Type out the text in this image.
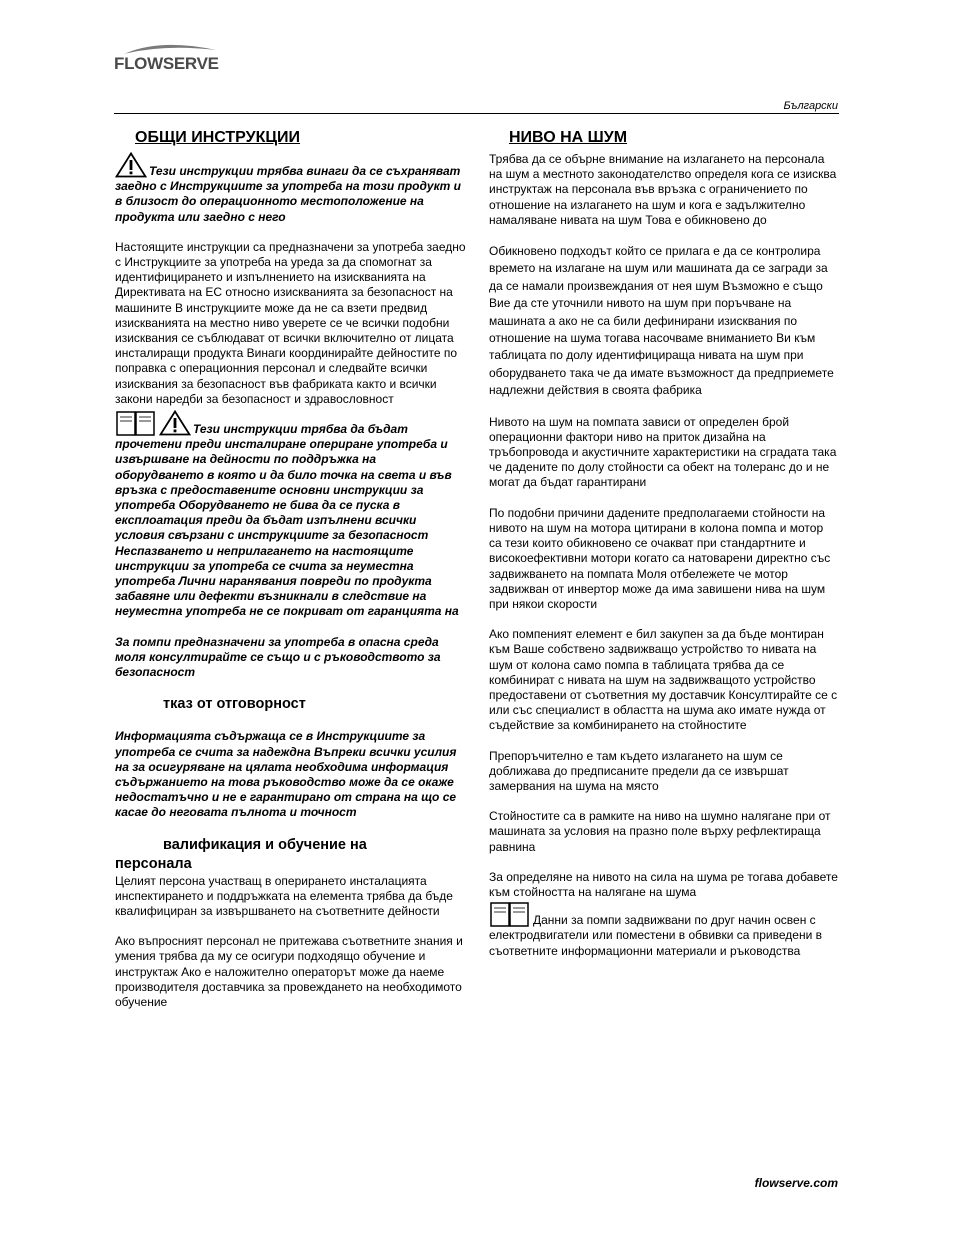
FLOWSERVE
Български
ОБЩИ ИНСТРУКЦИИ

Тези инструкции трябва винаги да се съхраняват заедно с Инструкциите за употреба на този продукт и в близост до операционното местоположение на продукта или заедно с него

Настоящите инструкции са предназначени за употреба заедно с Инструкциите за употреба на уреда за да спомогнат за идентифицирането и изпълнението на изискванията на Директивата на ЕС относно изискванията за безопасност на машините В инструкциите може да не са взети предвид изискванията на местно ниво уверете се че всички подобни изисквания се съблюдават от всички включително от лицата инсталиращи продукта Винаги координирайте дейностите по поправка с операционния персонал и следвайте всички изисквания за безопасност във фабриката както и всички закони наредби за безопасност и здравословност

Тези инструкции трябва да бъдат прочетени преди инсталиране опериране употреба и извършване на дейности по поддръжка на оборудването в която и да било точка на света и във връзка с предоставените основни инструкции за употреба Оборудването не бива да се пуска в експлоатация преди да бъдат изпълнени всички условия свързани с инструкциите за безопасност Неспазването и неприлагането на настоящите инструкции за употреба се счита за неуместна употреба Лични наранявания повреди по продукта забавяне или дефекти възникнали в следствие на неуместна употреба не се покриват от гаранцията на

За помпи предназначени за употреба в опасна среда моля консултирайте се също и с ръководството за безопасност

тказ от отговорност

Информацията съдържаща се в Инструкциите за употреба се счита за надеждна Въпреки всички усилия на за осигуряване на цялата необходима информация съдържанието на това ръководство може да се окаже недостатъчно и не е гарантирано от страна на що се касае до неговата пълнота и точност

валификация и обучение на
персонала

Целият персона участващ в оперирането инсталацията инспектирането и поддръжката на елемента трябва да бъде квалифициран за извършването на съответните дейности

Ако въпросният персонал не притежава съответните знания и умения трябва да му се осигури подходящо обучение и инструктаж Ако е наложително операторът може да наеме производителя доставчика за провеждането на необходимото обучение

НИВО НА ШУМ

Трябва да се обърне внимание на излагането на персонала на шум а местното законодателство определя кога се изисква инструктаж на персонала във връзка с ограничението по отношение на излагането на шум и кога е задължително намаляване нивата на шум Това е обикновено до

Обикновено подходът който се прилага е да се контролира времето на излагане на шум или машината да се загради за да се намали произвеждания от нея шум Възможно е също Вие да сте уточнили нивото на шум при поръчване на машината а ако не са били дефинирани изисквания по отношение на шума тогава насочваме вниманието Ви към таблицата по долу идентифицираща нивата на шум при оборудването така че да имате възможност да предприемете надлежни действия в своята фабрика

Нивото на шум на помпата зависи от определен брой операционни фактори ниво на приток дизайна на тръбопровода и акустичните характеристики на сградата така че дадените по долу стойности са обект на толеранс до и не могат да бъдат гарантирани

По подобни причини дадените предполагаеми стойности на нивото на шум на мотора цитирани в колона помпа и мотор са тези които обикновено се очакват при стандартните и високоефективни мотори когато са натоварени директно със задвижването на помпата Моля отбележете че мотор задвижван от инвертор може да има завишени нива на шум при някои скорости

Ако помпеният елемент е бил закупен за да бъде монтиран към Ваше собствено задвижващо устройство то нивата на шум от колона само помпа в таблицата трябва да се комбинират с нивата на шум на задвижващото устройство предоставени от съответния му доставчик Консултирайте се с или със специалист в областта на шума ако имате нужда от съдействие за комбинирането на стойностите

Препоръчително е там където излагането на шум се доближава до предписаните предели да се извършат замервания на шума на място

Стойностите са в рамките на ниво на шумно налягане при от машината за условия на празно поле върху рефлектираща равнина

За определяне на нивото на сила на шума ре тогава добавете към стойността на налягане на шума

Данни за помпи задвижвани по друг начин освен с електродвигатели или поместени в обвивки са приведени в съответните информационни материали и ръководства

flowserve.com
